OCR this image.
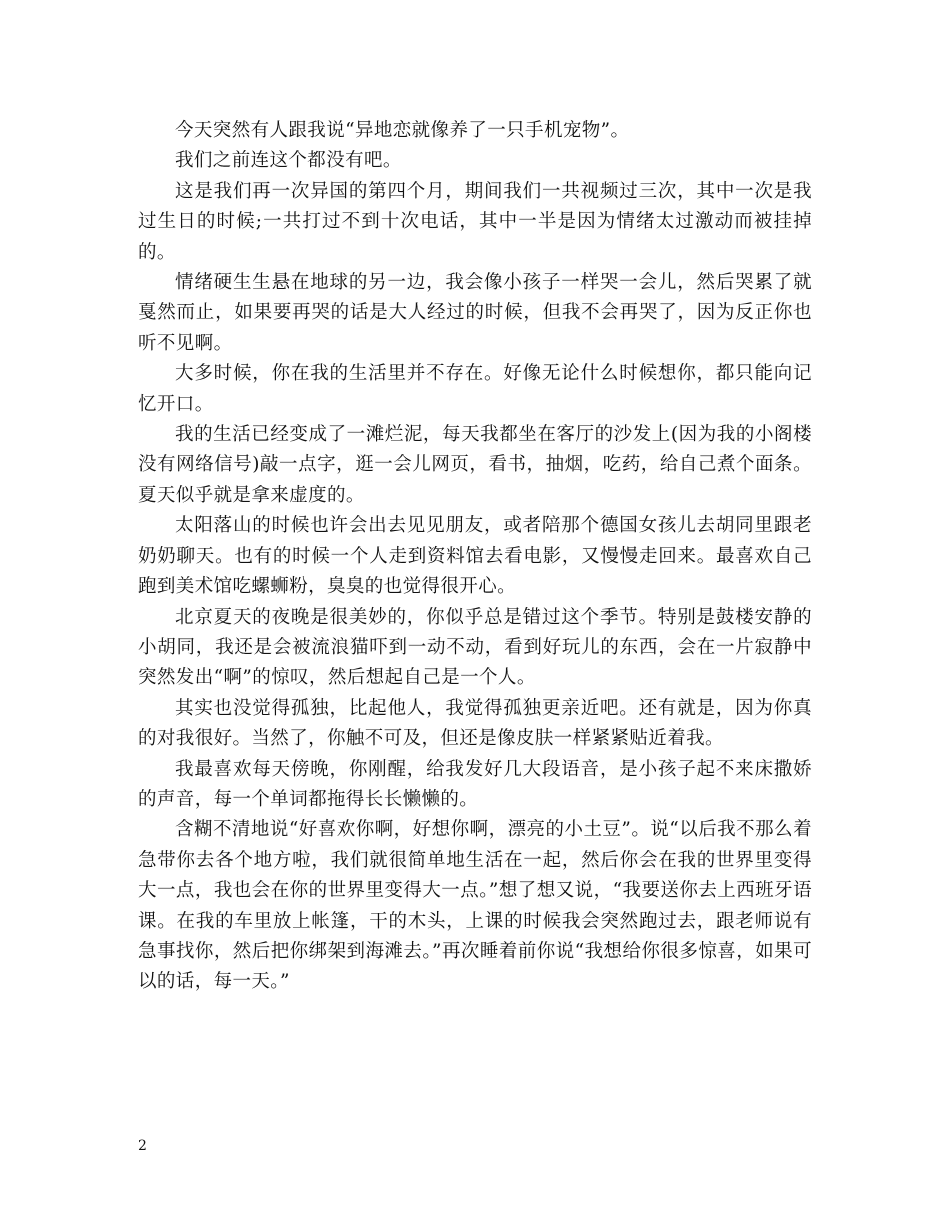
今天突然有人跟我说“异地恋就像养了一只手机宠物”。

我们之前连这个都没有吧。

这是我们再一次异国的第四个月，期间我们一共视频过三次，其中一次是我过生日的时候;一共打过不到十次电话，其中一半是因为情绪太过激动而被挂掉的。

情绪硬生生悬在地球的另一边，我会像小孩子一样哭一会儿，然后哭累了就戛然而止，如果要再哭的话是大人经过的时候，但我不会再哭了，因为反正你也听不见啊。

大多时候，你在我的生活里并不存在。好像无论什么时候想你，都只能向记忆开口。

我的生活已经变成了一滩烂泥，每天我都坐在客厅的沙发上(因为我的小阁楼没有网络信号)敲一点字，逛一会儿网页，看书，抽烟，吃药，给自己煮个面条。夏天似乎就是拿来虚度的。

太阳落山的时候也许会出去见见朋友，或者陪那个德国女孩儿去胡同里跟老奶奶聊天。也有的时候一个人走到资料馆去看电影，又慢慢走回来。最喜欢自己跑到美术馆吃螺蛳粉，臭臭的也觉得很开心。

北京夏天的夜晚是很美妙的，你似乎总是错过这个季节。特别是鼓楼安静的小胡同，我还是会被流浪猫吓到一动不动，看到好玩儿的东西，会在一片寂静中突然发出“啊”的惊叹，然后想起自己是一个人。

其实也没觉得孤独，比起他人，我觉得孤独更亲近吧。还有就是，因为你真的对我很好。当然了，你触不可及，但还是像皮肤一样紧紧贴近着我。

我最喜欢每天傍晚，你刚醒，给我发好几大段语音，是小孩子起不来床撒娇的声音，每一个单词都拖得长长懒懒的。

含糊不清地说“好喜欢你啊，好想你啊，漂亮的小土豆”。说“以后我不那么着急带你去各个地方啦，我们就很简单地生活在一起，然后你会在我的世界里变得大一点，我也会在你的世界里变得大一点。”想了想又说，“我要送你去上西班牙语课。在我的车里放上帐篷，干的木头，上课的时候我会突然跑过去，跟老师说有急事找你，然后把你绑架到海滩去。”再次睡着前你说“我想给你很多惊喜，如果可以的话，每一天。”

2
